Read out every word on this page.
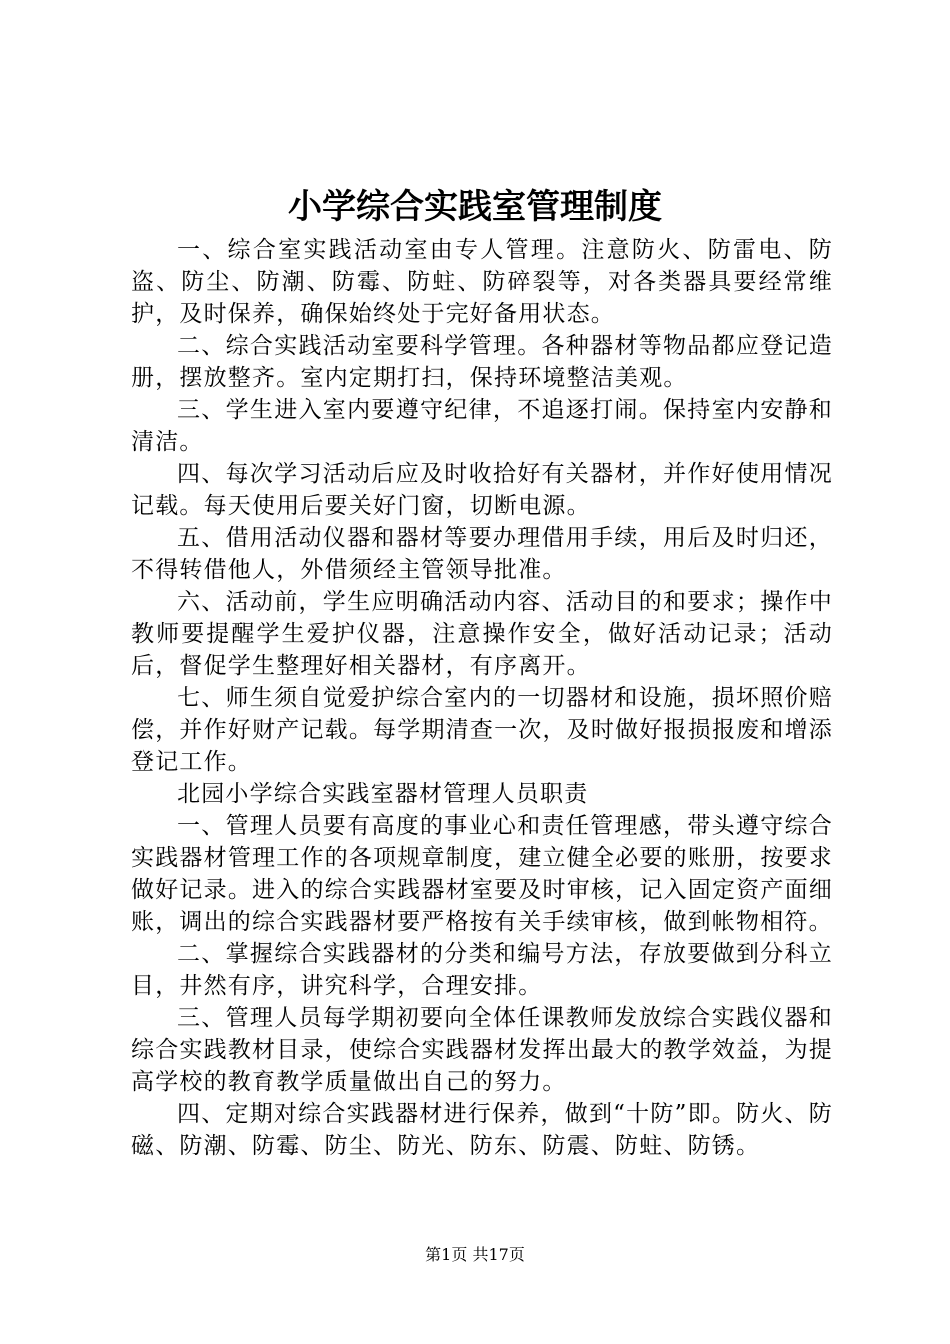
小学综合实践室管理制度

一、综合室实践活动室由专人管理。注意防火、防雷电、防盗、防尘、防潮、防霉、防蛀、防碎裂等，对各类器具要经常维护，及时保养，确保始终处于完好备用状态。

二、综合实践活动室要科学管理。各种器材等物品都应登记造册，摆放整齐。室内定期打扫，保持环境整洁美观。

三、学生进入室内要遵守纪律，不追逐打闹。保持室内安静和清洁。

四、每次学习活动后应及时收拾好有关器材，并作好使用情况记载。每天使用后要关好门窗，切断电源。

五、借用活动仪器和器材等要办理借用手续，用后及时归还，不得转借他人，外借须经主管领导批准。

六、活动前，学生应明确活动内容、活动目的和要求；操作中教师要提醒学生爱护仪器，注意操作安全，做好活动记录；活动后，督促学生整理好相关器材，有序离开。

七、师生须自觉爱护综合室内的一切器材和设施，损坏照价赔偿，并作好财产记载。每学期清查一次，及时做好报损报废和增添登记工作。

北园小学综合实践室器材管理人员职责

一、管理人员要有高度的事业心和责任管理感，带头遵守综合实践器材管理工作的各项规章制度，建立健全必要的账册，按要求做好记录。进入的综合实践器材室要及时审核，记入固定资产面细账，调出的综合实践器材要严格按有关手续审核，做到帐物相符。

二、掌握综合实践器材的分类和编号方法，存放要做到分科立目，井然有序，讲究科学，合理安排。

三、管理人员每学期初要向全体任课教师发放综合实践仪器和综合实践教材目录，使综合实践器材发挥出最大的教学效益，为提高学校的教育教学质量做出自己的努力。

四、定期对综合实践器材进行保养，做到“十防”即。防火、防磁、防潮、防霉、防尘、防光、防东、防震、防蛀、防锈。

第1页 共17页
